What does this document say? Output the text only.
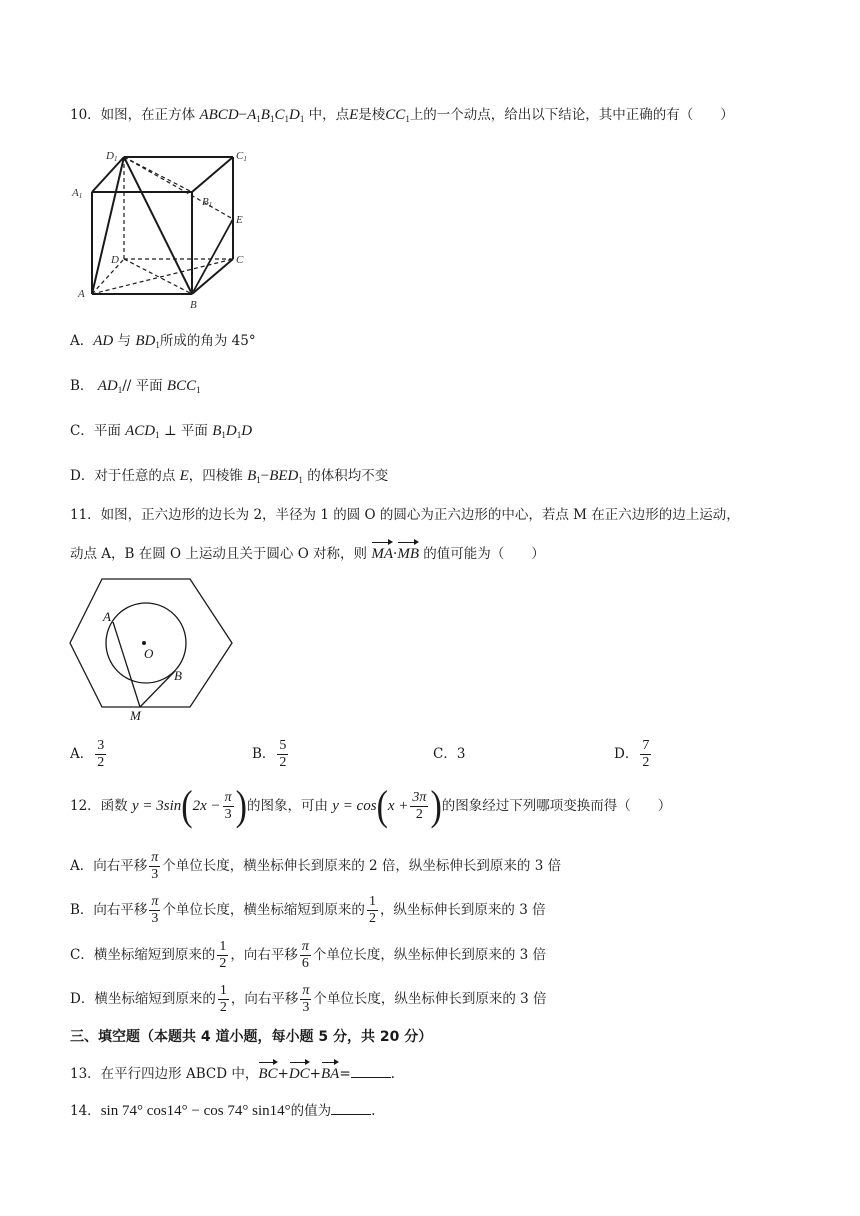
10．如图，在正方体 $ABCD-A_1B_1C_1D_1$ 中，点E是棱$CC_1$上的一个动点，给出以下结论，其中正确的有（　　）
D1	C1
A1	B1
E
D	C
A
B
A．AD 与 $BD_1$所成的角为 45°
B． $AD_1//$ 平面 $BCC_1$
C．平面 $ACD_1$ ⊥ 平面 $B_1D_1D$
D．对于任意的点 E，四棱锥 $B_1-BED_1$ 的体积均不变
11．如图，正六边形的边长为 2，半径为 1 的圆 O 的圆心为正六边形的中心，若点 M 在正六边形的边上运动，
动点 A，B 在圆 O 上运动且关于圆心 O 对称，则 MA·MB 的值可能为（　　）
A
O
B
M
A． $\frac{3}{2}$	B． $\frac{5}{2}$	C．3	D． $\frac{7}{2}$
12．函数 $y = 3\sin(2x - \frac{\pi}{3}$ )的图象，可由 $y = \cos(x + \frac{3\pi}{2}$ )的图象经过下列哪项变换而得（　　）
A．向右平移 $\frac{\pi}{3}$ 个单位长度，横坐标伸长到原来的 2 倍，纵坐标伸长到原来的 3 倍
B．向右平移 $\frac{\pi}{3}$ 个单位长度，横坐标缩短到原来的 $\frac{1}{2}$ ，纵坐标伸长到原来的 3 倍
C．横坐标缩短到原来的 $\frac{1}{2}$ ，向右平移 $\frac{\pi}{6}$ 个单位长度，纵坐标伸长到原来的 3 倍
D．横坐标缩短到原来的 $\frac{1}{2}$ ，向右平移 $\frac{\pi}{3}$ 个单位长度，纵坐标伸长到原来的 3 倍
三、填空题（本题共 4 道小题，每小题 5 分，共 20 分）
13．在平行四边形 ABCD 中，BC+DC+BA=	.
14．sin 74° cos14° − cos 74° sin14°的值为	.
